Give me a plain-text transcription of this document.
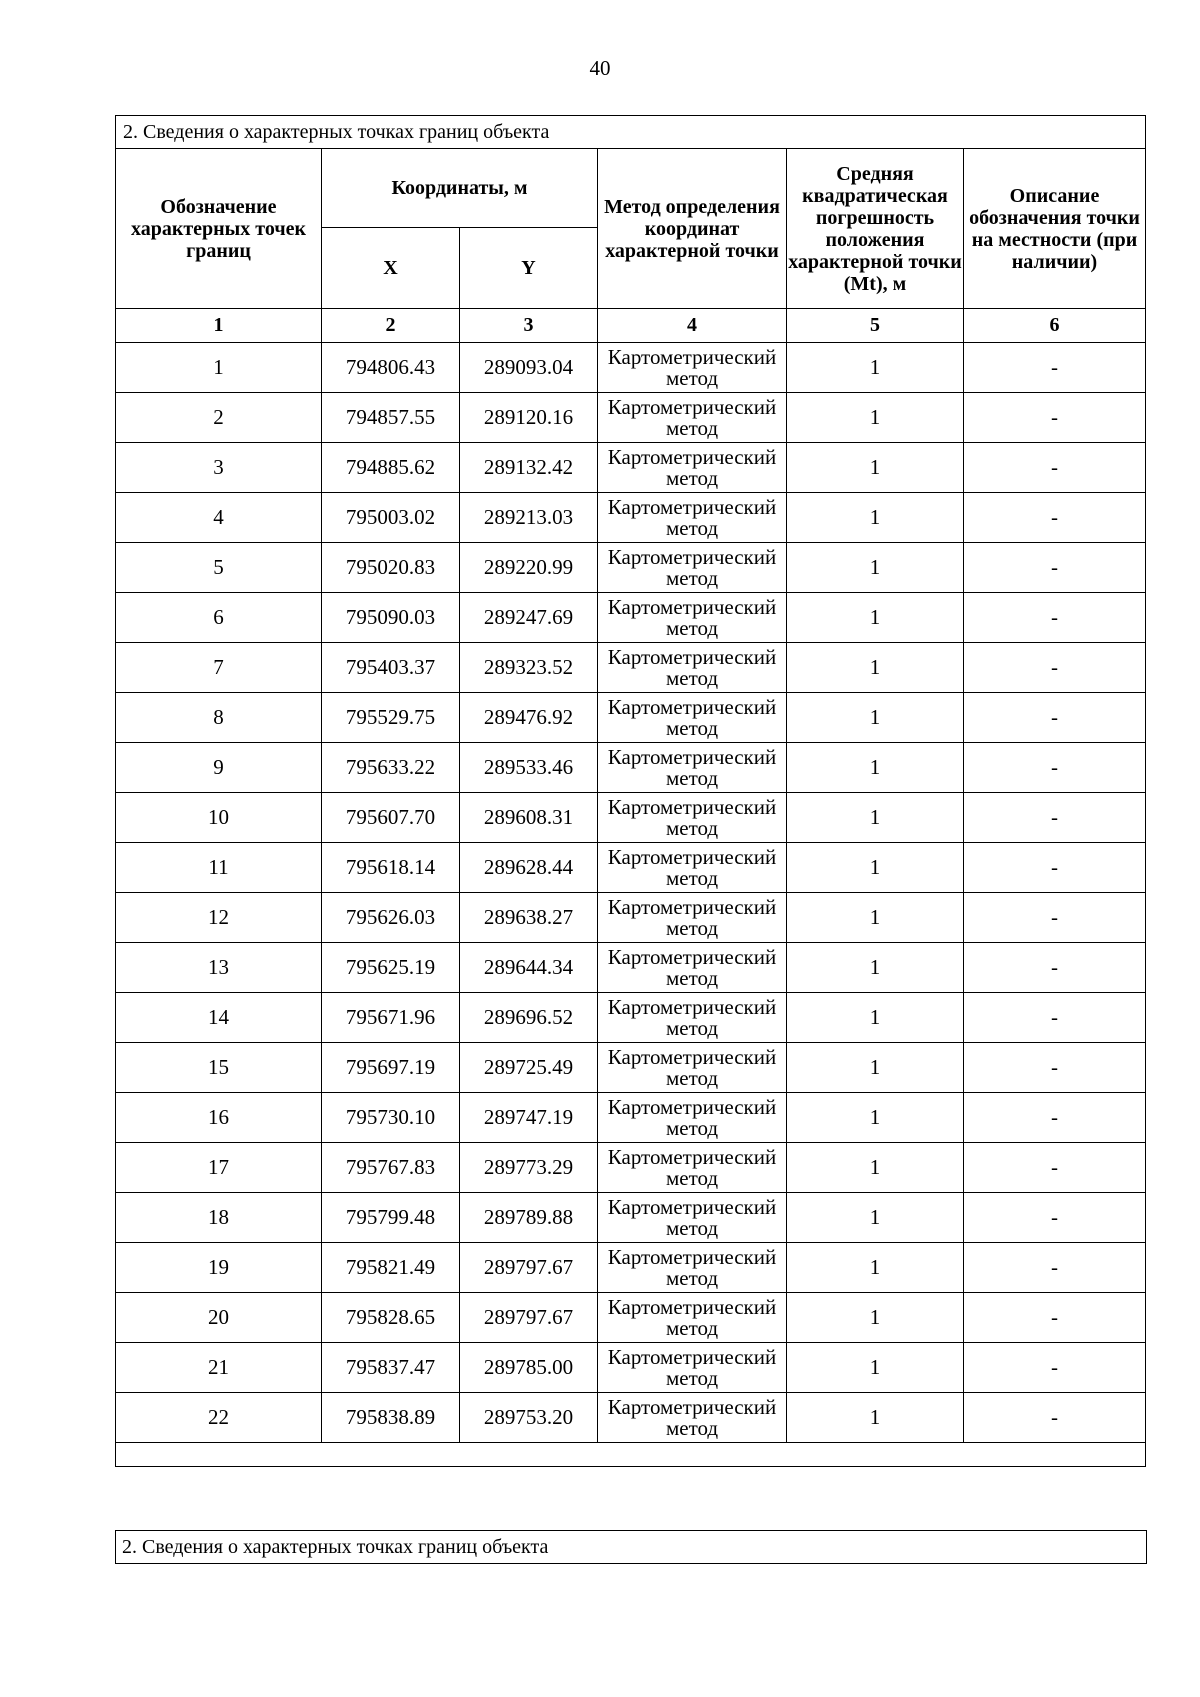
40
2. Сведения о характерных точках границ объекта					
Обозначение характерных точек границ	Координаты, м		Метод определения координат характерной точки	Средняя квадратическая погрешность положения характерной точки (Mt), м	Описание обозначения точки на местности (при наличии)
	X	Y			
1	2	3	4	5	6
1	794806.43	289093.04	Картометрический метод	1	-
2	794857.55	289120.16	Картометрический метод	1	-
3	794885.62	289132.42	Картометрический метод	1	-
4	795003.02	289213.03	Картометрический метод	1	-
5	795020.83	289220.99	Картометрический метод	1	-
6	795090.03	289247.69	Картометрический метод	1	-
7	795403.37	289323.52	Картометрический метод	1	-
8	795529.75	289476.92	Картометрический метод	1	-
9	795633.22	289533.46	Картометрический метод	1	-
10	795607.70	289608.31	Картометрический метод	1	-
11	795618.14	289628.44	Картометрический метод	1	-
12	795626.03	289638.27	Картометрический метод	1	-
13	795625.19	289644.34	Картометрический метод	1	-
14	795671.96	289696.52	Картометрический метод	1	-
15	795697.19	289725.49	Картометрический метод	1	-
16	795730.10	289747.19	Картометрический метод	1	-
17	795767.83	289773.29	Картометрический метод	1	-
18	795799.48	289789.88	Картометрический метод	1	-
19	795821.49	289797.67	Картометрический метод	1	-
20	795828.65	289797.67	Картометрический метод	1	-
21	795837.47	289785.00	Картометрический метод	1	-
22	795838.89	289753.20	Картометрический метод	1	-

2. Сведения о характерных точках границ объекта
